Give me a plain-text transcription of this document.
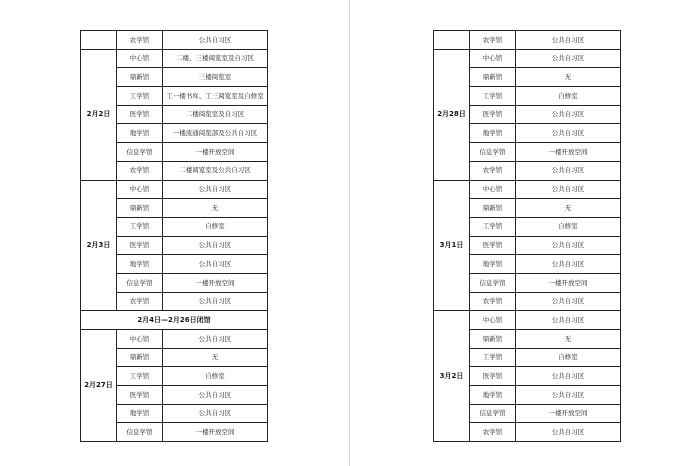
	农学馆	公共自习区
2月2日	中心馆	二楼、三楼阅览室及自习区
	鼎新馆	三楼阅览室
	工学馆	工一楼书库、工三阅览室及自修室
	医学馆	二楼阅览室及自习区
	地学馆	一楼流通阅览部及公共自习区
	信息学馆	一楼开放空间
	农学馆	二楼阅览室及公共自习区
2月3日	中心馆	公共自习区
	鼎新馆	无
	工学馆	自修室
	医学馆	公共自习区
	地学馆	公共自习区
	信息学馆	一楼开放空间
	农学馆	公共自习区
2月4日—2月26日闭馆		
2月27日	中心馆	公共自习区
	鼎新馆	无
	工学馆	自修室
	医学馆	公共自习区
	地学馆	公共自习区
	信息学馆	一楼开放空间
	农学馆	公共自习区
2月28日	中心馆	公共自习区
	鼎新馆	无
	工学馆	自修室
	医学馆	公共自习区
	地学馆	公共自习区
	信息学馆	一楼开放空间
	农学馆	公共自习区
3月1日	中心馆	公共自习区
	鼎新馆	无
	工学馆	自修室
	医学馆	公共自习区
	地学馆	公共自习区
	信息学馆	一楼开放空间
	农学馆	公共自习区
3月2日	中心馆	公共自习区
	鼎新馆	无
	工学馆	自修室
	医学馆	公共自习区
	地学馆	公共自习区
	信息学馆	一楼开放空间
	农学馆	公共自习区
